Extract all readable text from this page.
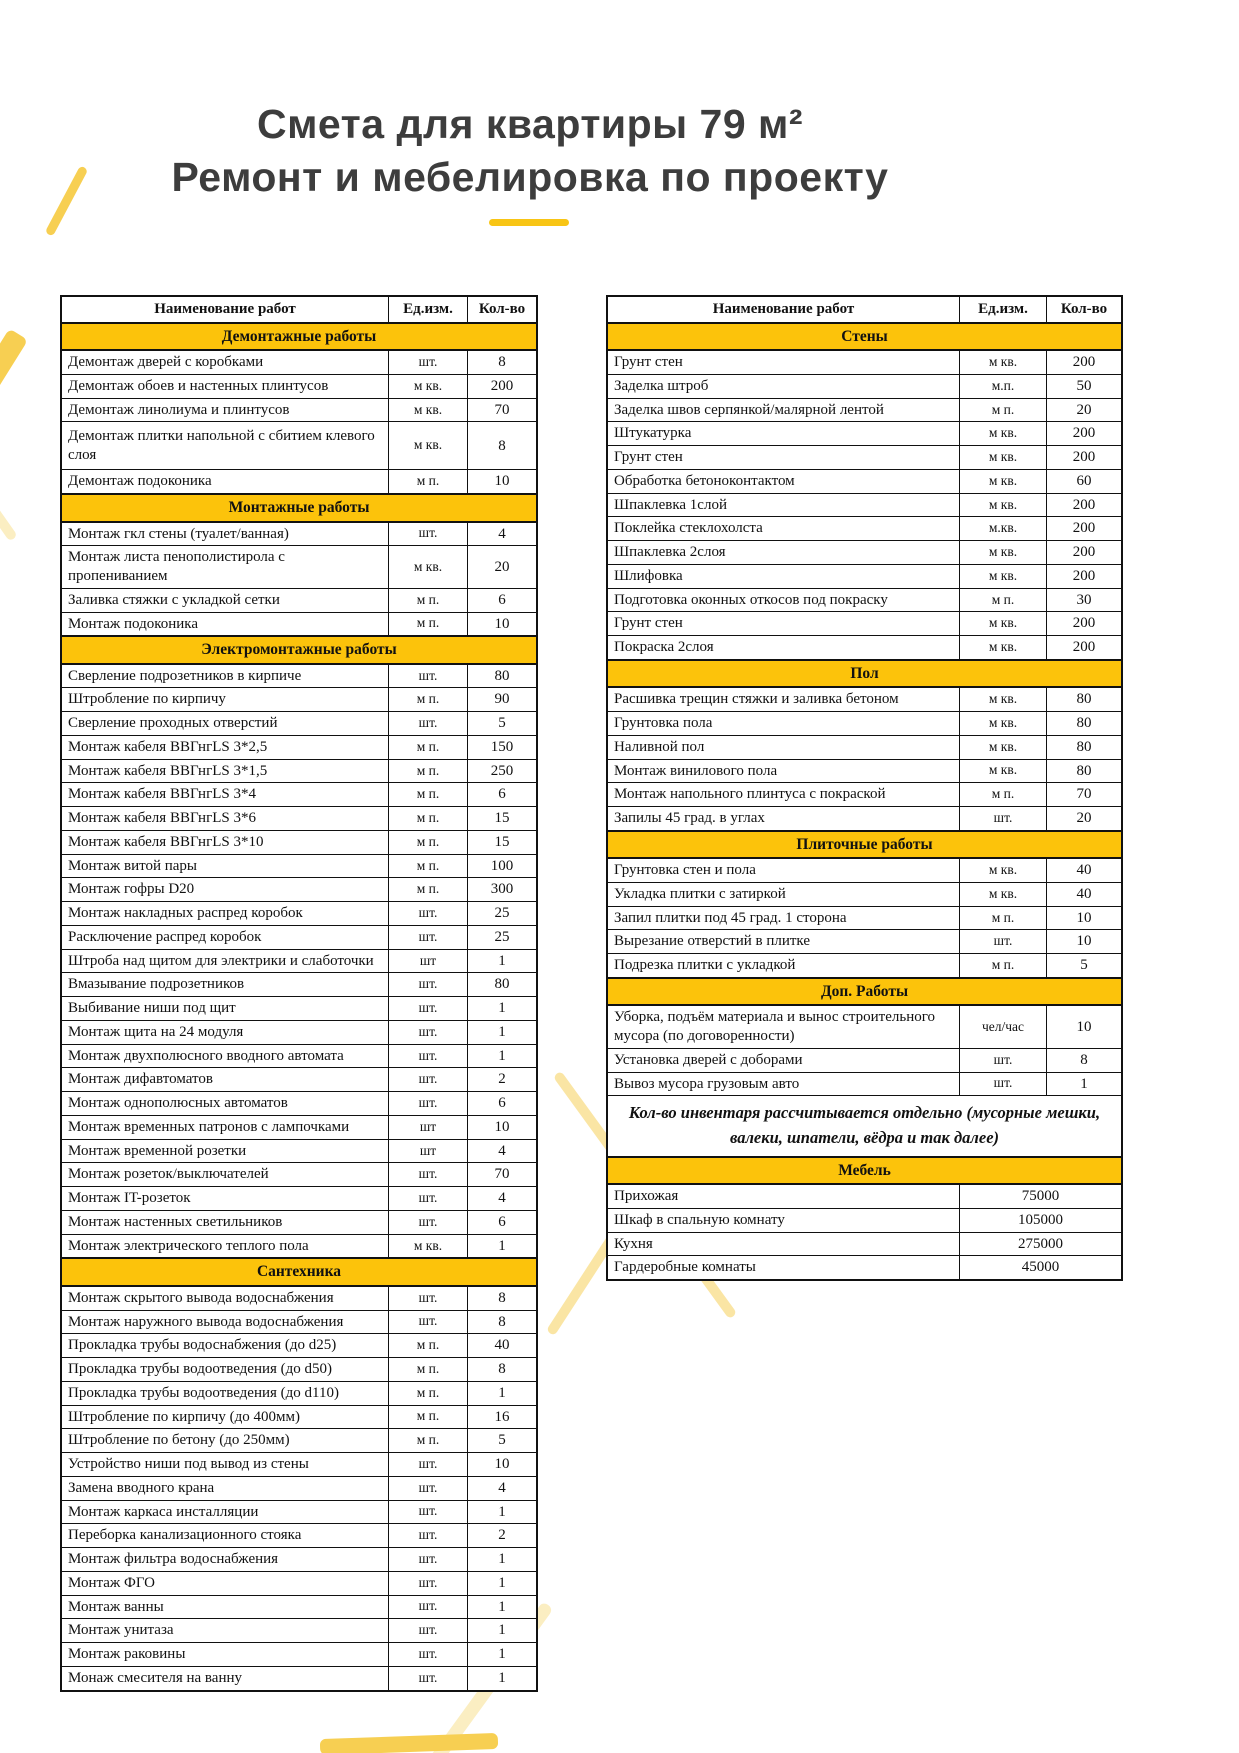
Смета для квартиры 79 м²
Ремонт и мебелировка по проекту
Наименование работ	Ед.изм.	Кол-во
Демонтажные работы		
Демонтаж дверей с коробками	шт.	8
Демонтаж обоев и настенных плинтусов	м кв.	200
Демонтаж линолиума и плинтусов	м кв.	70
Демонтаж плитки напольной с сбитием клевого слоя	м кв.	8
Демонтаж подоконика	м п.	10
Монтажные работы		
Монтаж гкл стены (туалет/ванная)	шт.	4
Монтаж листа пенополистирола с пропениванием	м кв.	20
Заливка стяжки с укладкой сетки	м п.	6
Монтаж подоконика	м п.	10
Электромонтажные работы		
Сверление подрозетников в кирпиче	шт.	80
Штробление по кирпичу	м п.	90
Сверление проходных отверстий	шт.	5
Монтаж кабеля ВВГнгLS 3*2,5	м п.	150
Монтаж кабеля ВВГнгLS 3*1,5	м п.	250
Монтаж кабеля ВВГнгLS 3*4	м п.	6
Монтаж кабеля ВВГнгLS 3*6	м п.	15
Монтаж кабеля ВВГнгLS 3*10	м п.	15
Монтаж витой пары	м п.	100
Монтаж гофры D20	м п.	300
Монтаж накладных распред коробок	шт.	25
Расключение распред коробок	шт.	25
Штроба над щитом для электрики и слаботочки	шт	1
Вмазывание подрозетников	шт.	80
Выбивание ниши под щит	шт.	1
Монтаж щита на 24 модуля	шт.	1
Монтаж двухполюсного вводного автомата	шт.	1
Монтаж дифавтоматов	шт.	2
Монтаж однополюсных автоматов	шт.	6
Монтаж временных патронов с лампочками	шт	10
Монтаж временной розетки	шт	4
Монтаж розеток/выключателей	шт.	70
Монтаж IT-розеток	шт.	4
Монтаж настенных светильников	шт.	6
Монтаж электрического теплого пола	м кв.	1
Сантехника		
Монтаж скрытого вывода водоснабжения	шт.	8
Монтаж наружного вывода водоснабжения	шт.	8
Прокладка трубы водоснабжения (до d25)	м п.	40
Прокладка трубы водоотведения (до d50)	м п.	8
Прокладка трубы водоотведения (до d110)	м п.	1
Штробление по кирпичу (до 400мм)	м п.	16
Штробление по бетону (до 250мм)	м п.	5
Устройство ниши под вывод из стены	шт.	10
Замена вводного крана	шт.	4
Монтаж каркаса инсталляции	шт.	1
Переборка канализационного стояка	шт.	2
Монтаж фильтра водоснабжения	шт.	1
Монтаж ФГО	шт.	1
Монтаж ванны	шт.	1
Монтаж унитаза	шт.	1
Монтаж раковины	шт.	1
Монаж смесителя на ванну	шт.	1
Наименование работ	Ед.изм.	Кол-во
Стены		
Грунт стен	м кв.	200
Заделка штроб	м.п.	50
Заделка швов серпянкой/малярной лентой	м п.	20
Штукатурка	м кв.	200
Грунт стен	м кв.	200
Обработка бетоноконтактом	м кв.	60
Шпаклевка 1слой	м кв.	200
Поклейка стеклохолста	м.кв.	200
Шпаклевка 2слоя	м кв.	200
Шлифовка	м кв.	200
Подготовка оконных откосов под покраску	м п.	30
Грунт стен	м кв.	200
Покраска 2слоя	м кв.	200
Пол		
Расшивка трещин стяжки и заливка бетоном	м кв.	80
Грунтовка пола	м кв.	80
Наливной пол	м кв.	80
Монтаж винилового пола	м кв.	80
Монтаж напольного плинтуса с покраской	м п.	70
Запилы 45 град. в углах	шт.	20
Плиточные работы		
Грунтовка стен и пола	м кв.	40
Укладка плитки с затиркой	м кв.	40
Запил плитки под 45 град. 1 сторона	м п.	10
Вырезание отверстий в плитке	шт.	10
Подрезка плитки с укладкой	м п.	5
Доп. Работы		
Уборка, подъём материала и вынос строительного мусора (по договоренности)	чел/час	10
Установка дверей с доборами	шт.	8
Вывоз мусора грузовым авто	шт.	1
Кол-во инвентаря рассчитывается отдельно (мусорные мешки, валеки, шпатели, вёдра и так далее)		
Мебель		
Прихожая	75000	
Шкаф в спальную комнату	105000	
Кухня	275000	
Гардеробные комнаты	45000	
